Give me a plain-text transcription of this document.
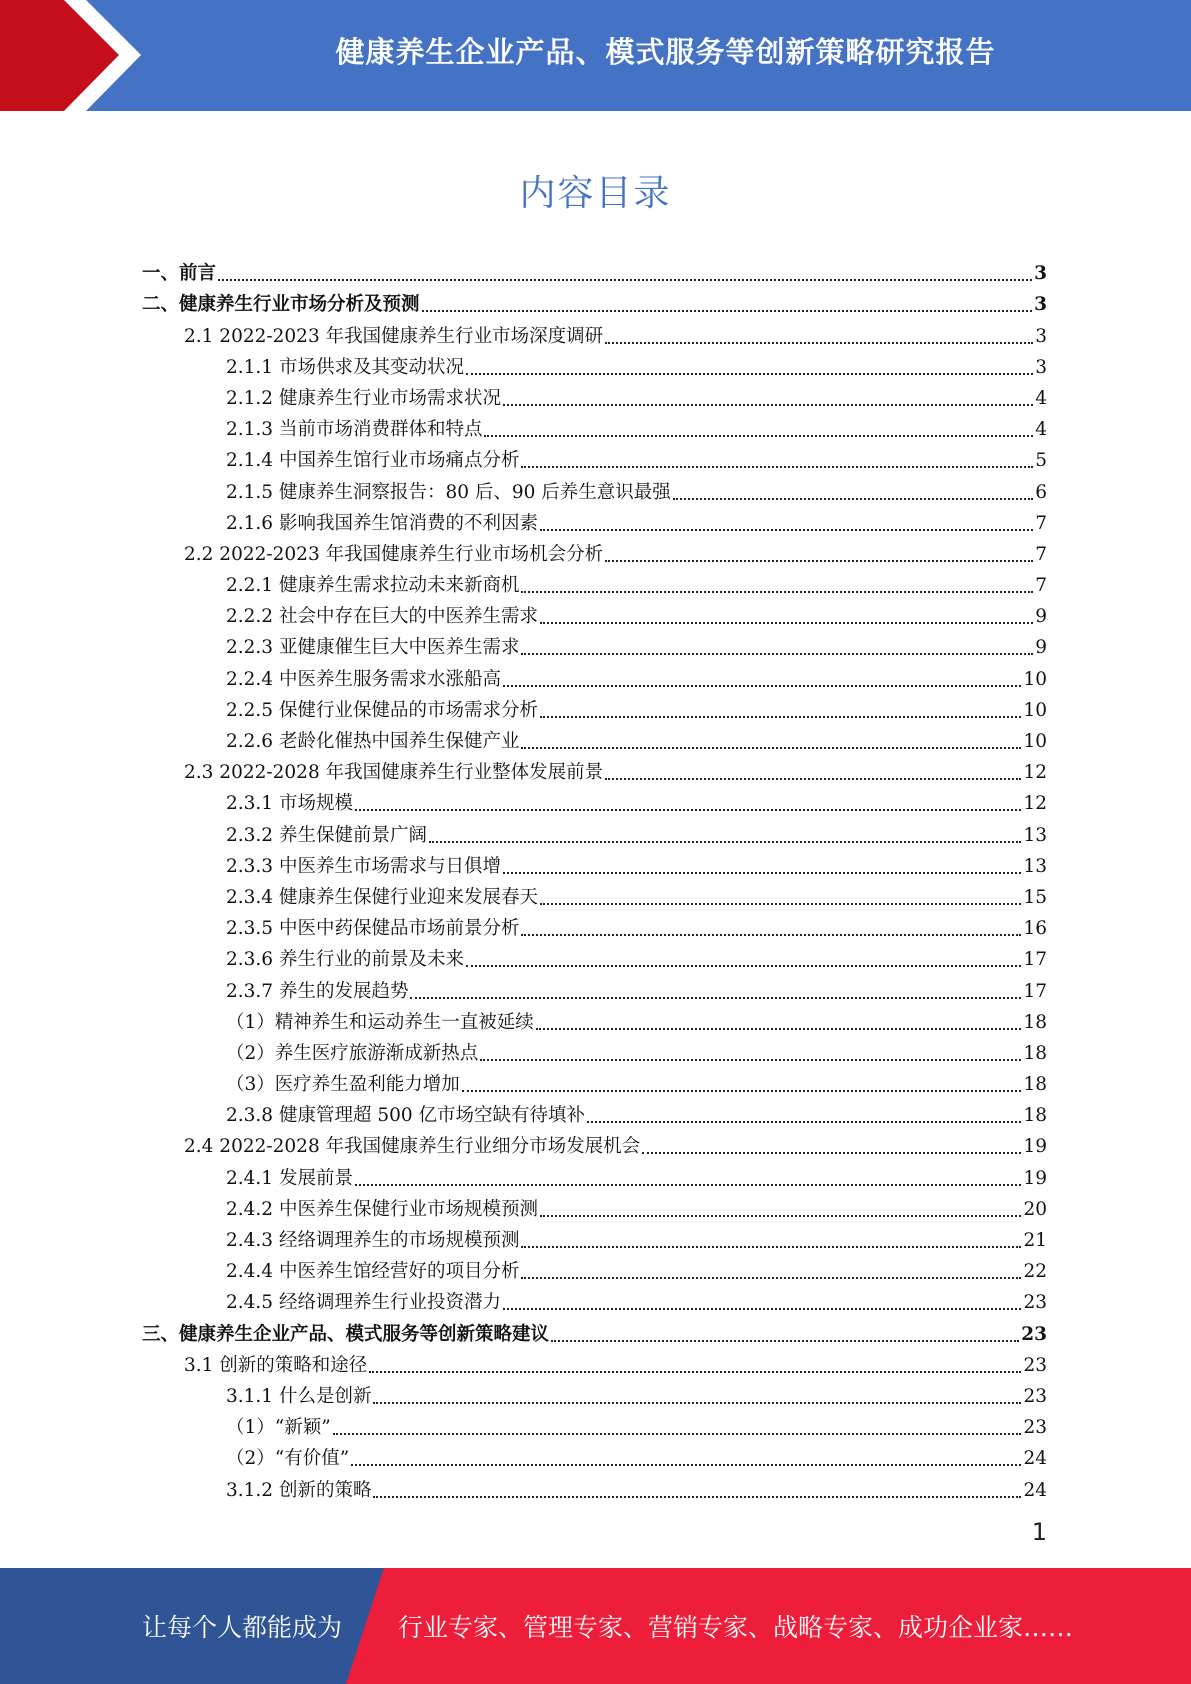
健康养生企业产品、模式服务等创新策略研究报告
内容目录
一、前言	3
二、健康养生行业市场分析及预测	3
2.1 2022-2023 年我国健康养生行业市场深度调研	3
2.1.1 市场供求及其变动状况	3
2.1.2 健康养生行业市场需求状况	4
2.1.3 当前市场消费群体和特点	4
2.1.4 中国养生馆行业市场痛点分析	5
2.1.5 健康养生洞察报告：80 后、90 后养生意识最强	6
2.1.6 影响我国养生馆消费的不利因素	7
2.2 2022-2023 年我国健康养生行业市场机会分析	7
2.2.1 健康养生需求拉动未来新商机	7
2.2.2 社会中存在巨大的中医养生需求	9
2.2.3 亚健康催生巨大中医养生需求	9
2.2.4 中医养生服务需求水涨船高	10
2.2.5 保健行业保健品的市场需求分析	10
2.2.6 老龄化催热中国养生保健产业	10
2.3 2022-2028 年我国健康养生行业整体发展前景	12
2.3.1 市场规模	12
2.3.2 养生保健前景广阔	13
2.3.3 中医养生市场需求与日俱增	13
2.3.4 健康养生保健行业迎来发展春天	15
2.3.5 中医中药保健品市场前景分析	16
2.3.6 养生行业的前景及未来	17
2.3.7 养生的发展趋势	17
（1）精神养生和运动养生一直被延续	18
（2）养生医疗旅游渐成新热点	18
（3）医疗养生盈利能力增加	18
2.3.8 健康管理超 500 亿市场空缺有待填补	18
2.4 2022-2028 年我国健康养生行业细分市场发展机会	19
2.4.1 发展前景	19
2.4.2 中医养生保健行业市场规模预测	20
2.4.3 经络调理养生的市场规模预测	21
2.4.4 中医养生馆经营好的项目分析	22
2.4.5 经络调理养生行业投资潜力	23
三、健康养生企业产品、模式服务等创新策略建议	23
3.1 创新的策略和途径	23
3.1.1 什么是创新	23
（1）“新颖”	23
（2）“有价值”	24
3.1.2 创新的策略	24
1
让每个人都能成为 行业专家、管理专家、营销专家、战略专家、成功企业家……
